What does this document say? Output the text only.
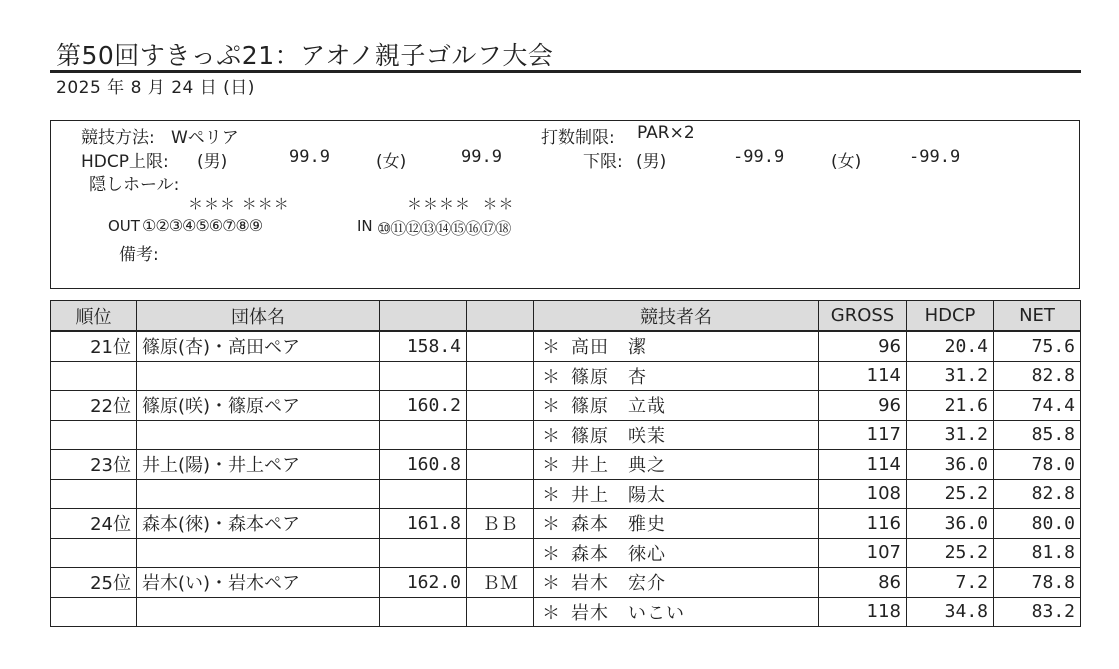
第50回すきっぷ21：アオノ親子ゴルフ大会
2025 年 8 月 24 日 (日)
競技方法: Wペリア	打数制限: PAR×2
HDCP上限: (男)	99.9	(女)	99.9	下限: (男)	-99.9	(女)	-99.9
隠しホール:
＊＊＊ ＊＊＊	＊＊＊＊  ＊＊
OUT ①②③④⑤⑥⑦⑧⑨	IN ⑩⑪⑫⑬⑭⑮⑯⑰⑱
備考:
順位	団体名			競技者名	GROSS	HDCP	NET
21位	篠原(杏)・高田ペア	158.4		＊ 高田　潔	96	20.4	75.6
				＊ 篠原　杏	114	31.2	82.8
22位	篠原(咲)・篠原ペア	160.2		＊ 篠原　立哉	96	21.6	74.4
				＊ 篠原　咲茉	117	31.2	85.8
23位	井上(陽)・井上ペア	160.8		＊ 井上　典之	114	36.0	78.0
				＊ 井上　陽太	108	25.2	82.8
24位	森本(徠)・森本ペア	161.8	ＢＢ	＊ 森本　雅史	116	36.0	80.0
				＊ 森本　徠心	107	25.2	81.8
25位	岩木(い)・岩木ペア	162.0	ＢＭ	＊ 岩木　宏介	86	7.2	78.8
				＊ 岩木　いこい	118	34.8	83.2
